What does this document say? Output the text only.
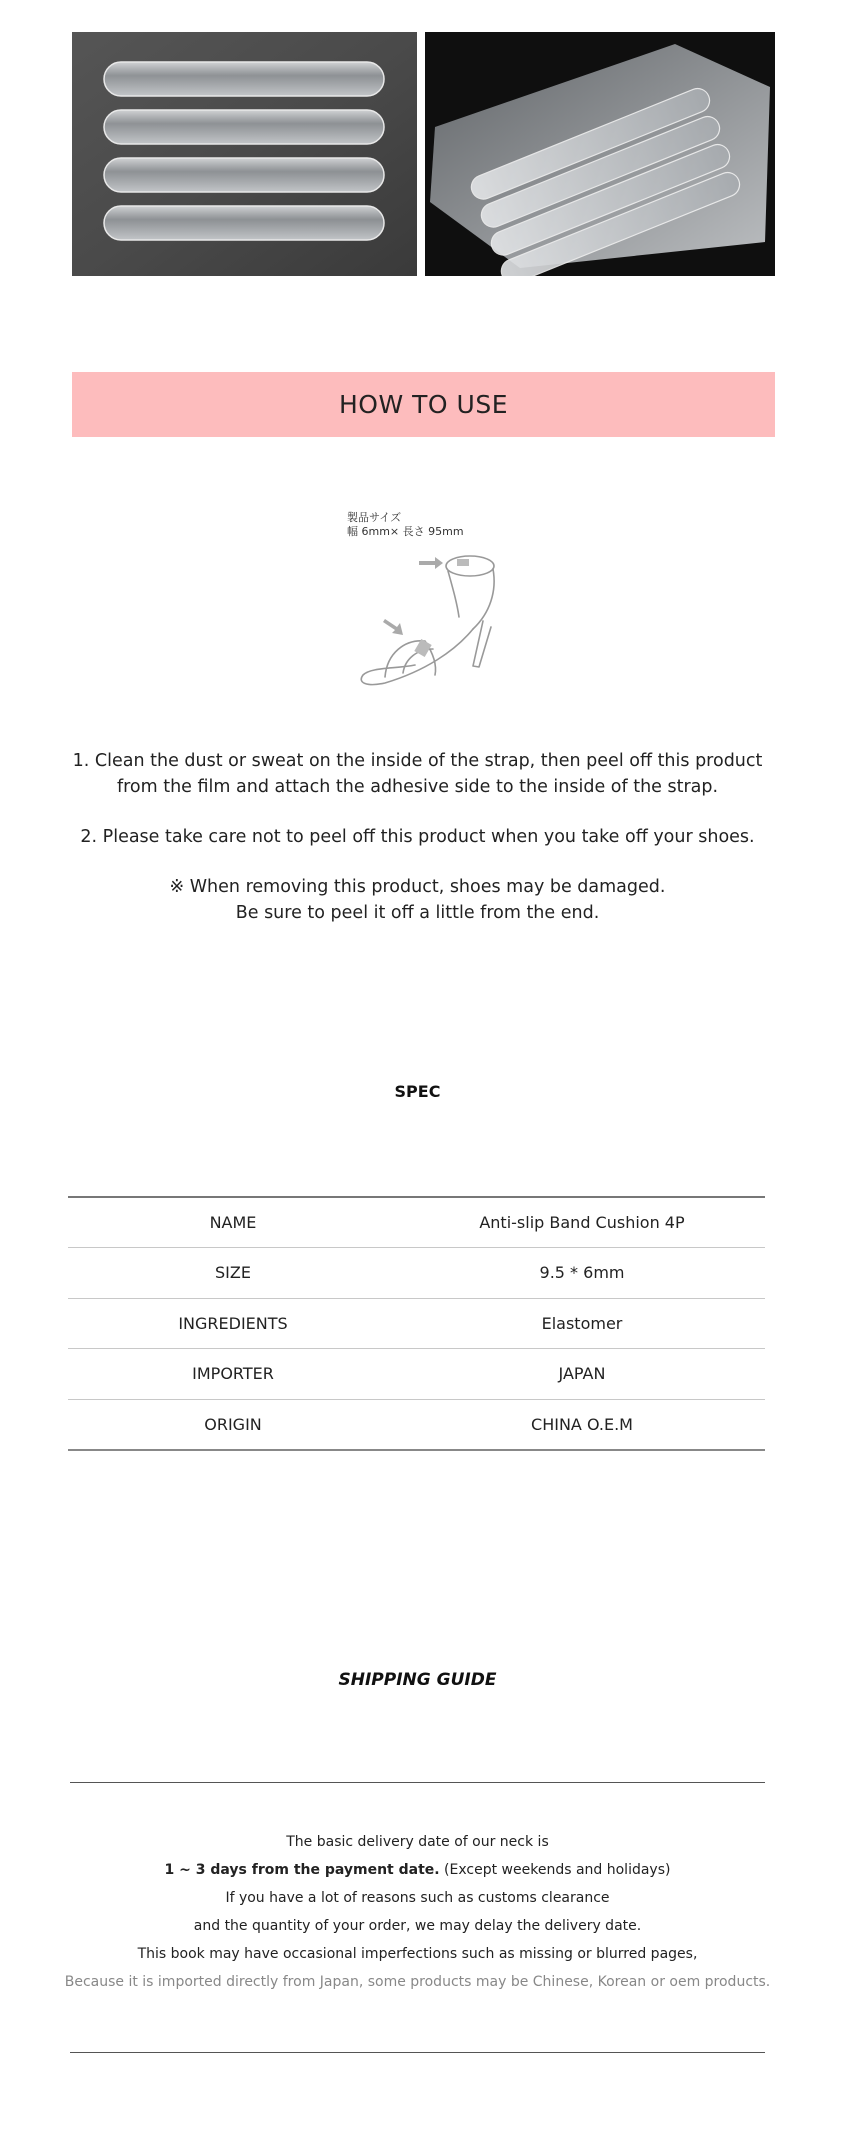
HOW TO USE
製品サイズ
幅 6mm× 長さ 95mm
1. Clean the dust or sweat on the inside of the strap, then peel off this product
from the film and attach the adhesive side to the inside of the strap.
2. Please take care not to peel off this product when you take off your shoes.
※ When removing this product, shoes may be damaged.
Be sure to peel it off a little from the end.
SPEC
NAME	Anti-slip Band Cushion 4P
SIZE	9.5 * 6mm
INGREDIENTS	Elastomer
IMPORTER	JAPAN
ORIGIN	CHINA O.E.M
SHIPPING GUIDE
The basic delivery date of our neck is
1 ~ 3 days from the payment date. (Except weekends and holidays)
If you have a lot of reasons such as customs clearance
and the quantity of your order, we may delay the delivery date.
This book may have occasional imperfections such as missing or blurred pages,
Because it is imported directly from Japan, some products may be Chinese, Korean or oem products.
